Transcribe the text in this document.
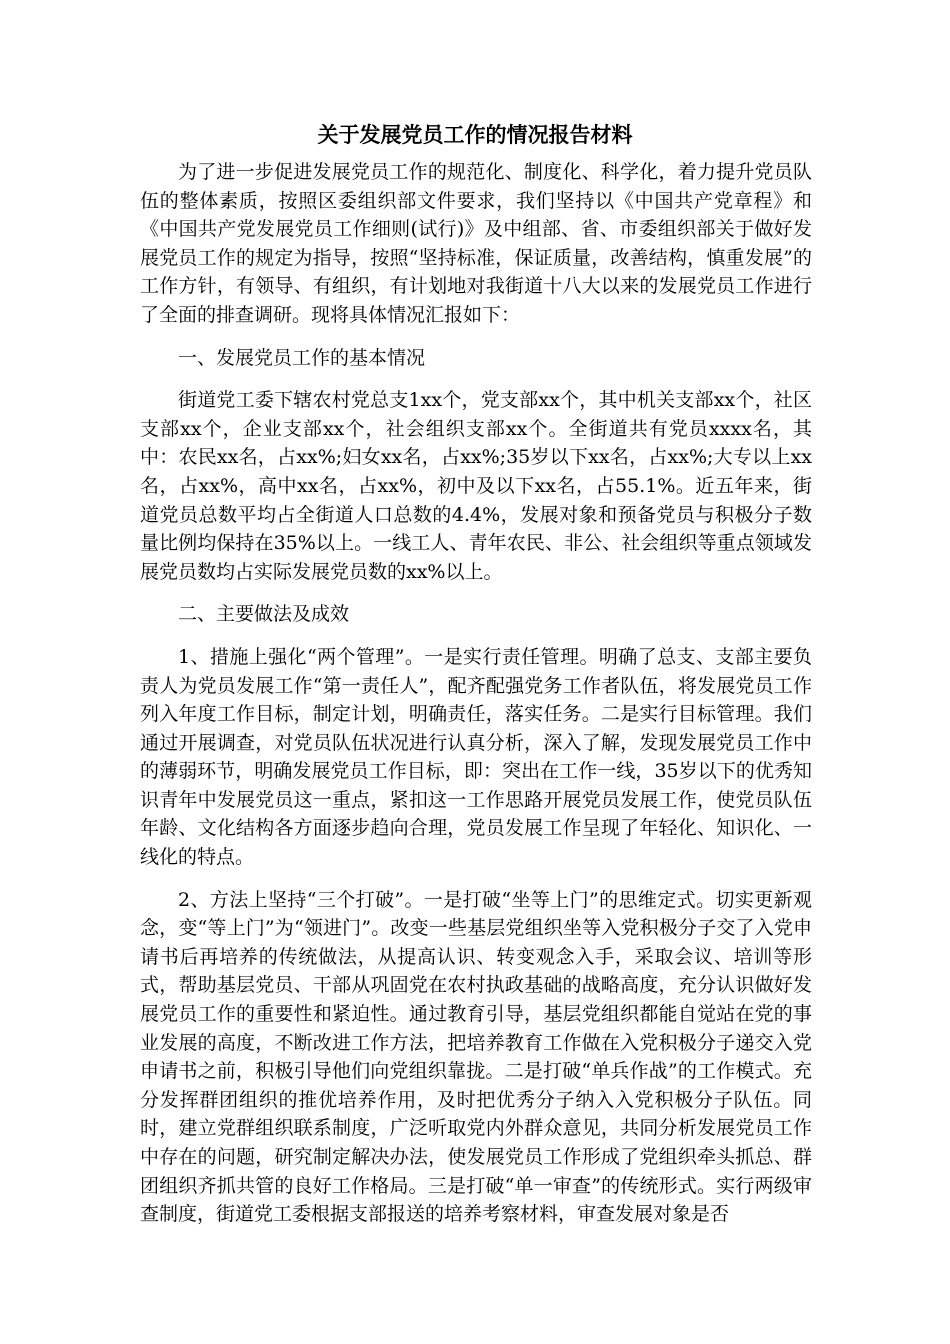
关于发展党员工作的情况报告材料

为了进一步促进发展党员工作的规范化、制度化、科学化，着力提升党员队伍的整体素质，按照区委组织部文件要求，我们坚持以《中国共产党章程》和《中国共产党发展党员工作细则(试行)》及中组部、省、市委组织部关于做好发展党员工作的规定为指导，按照“坚持标准，保证质量，改善结构，慎重发展”的工作方针，有领导、有组织，有计划地对我街道十八大以来的发展党员工作进行了全面的排查调研。现将具体情况汇报如下：

一、发展党员工作的基本情况

街道党工委下辖农村党总支1xx个，党支部xx个，其中机关支部xx个，社区支部xx个，企业支部xx个，社会组织支部xx个。全街道共有党员xxxx名，其中：农民xx名，占xx%;妇女xx名，占xx%;35岁以下xx名，占xx%;大专以上xx名，占xx%，高中xx名，占xx%，初中及以下xx名，占55.1%。近五年来，街道党员总数平均占全街道人口总数的4.4%，发展对象和预备党员与积极分子数量比例均保持在35%以上。一线工人、青年农民、非公、社会组织等重点领域发展党员数均占实际发展党员数的xx%以上。

二、主要做法及成效

1、措施上强化“两个管理”。一是实行责任管理。明确了总支、支部主要负责人为党员发展工作“第一责任人”，配齐配强党务工作者队伍，将发展党员工作列入年度工作目标，制定计划，明确责任，落实任务。二是实行目标管理。我们通过开展调查，对党员队伍状况进行认真分析，深入了解，发现发展党员工作中的薄弱环节，明确发展党员工作目标，即：突出在工作一线，35岁以下的优秀知识青年中发展党员这一重点，紧扣这一工作思路开展党员发展工作，使党员队伍年龄、文化结构各方面逐步趋向合理，党员发展工作呈现了年轻化、知识化、一线化的特点。

2、方法上坚持“三个打破”。一是打破“坐等上门”的思维定式。切实更新观念，变“等上门”为“领进门”。改变一些基层党组织坐等入党积极分子交了入党申请书后再培养的传统做法，从提高认识、转变观念入手，采取会议、培训等形式，帮助基层党员、干部从巩固党在农村执政基础的战略高度，充分认识做好发展党员工作的重要性和紧迫性。通过教育引导，基层党组织都能自觉站在党的事业发展的高度，不断改进工作方法，把培养教育工作做在入党积极分子递交入党申请书之前，积极引导他们向党组织靠拢。二是打破“单兵作战”的工作模式。充分发挥群团组织的推优培养作用，及时把优秀分子纳入入党积极分子队伍。同时，建立党群组织联系制度，广泛听取党内外群众意见，共同分析发展党员工作中存在的问题，研究制定解决办法，使发展党员工作形成了党组织牵头抓总、群团组织齐抓共管的良好工作格局。三是打破“单一审查”的传统形式。实行两级审查制度，街道党工委根据支部报送的培养考察材料，审查发展对象是否
